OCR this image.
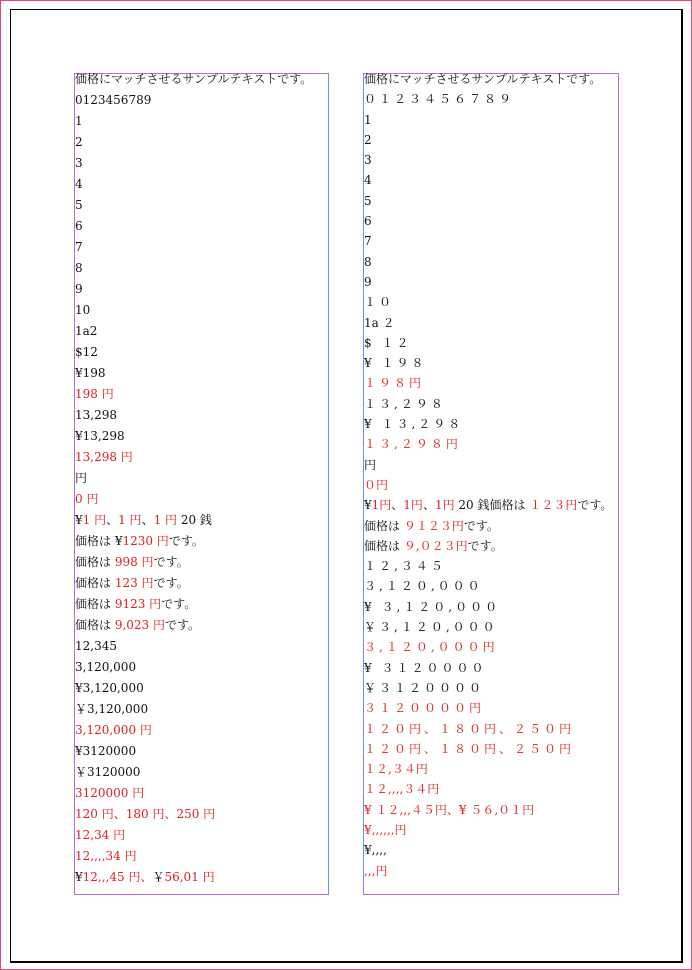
価格にマッチさせるサンプルテキストです。
0123456789
1
2
3
4
5
6
7
8
9
10
1a2
$12
¥198
198 円
13,298
¥13,298
13,298 円
円
0 円
¥1 円、1 円、1 円 20 銭
価格は ¥1230 円です。
価格は 998 円です。
価格は 123 円です。
価格は 9123 円です。
価格は 9,023 円です。
12,345
3,120,000
¥3,120,000
￥3,120,000
3,120,000 円
¥3120000
￥3120000
3120000 円
120 円、180 円、250 円
12,34 円
12,,,,34 円
¥12,,,45 円、￥56,01 円
価格にマッチさせるサンプルテキストです。
０１２３４５６７８９
1
2
3
4
5
6
7
8
9
１０
1a ２
$ １２
¥ １９８
１９８円
１３,２９８
¥ １３,２９８
１３,２９８円
円
０円
¥1円、1円、1円 20 銭価格は １２３円です。
価格は ９１２３円です。
価格は ９,０２３円です。
１２,３４５
３,１２０,０００
¥ ３,１２０,０００
￥３,１２０,０００
３,１２０,０００円
¥ ３１２００００
￥３１２００００
３１２００００円
１２０円、１８０円、２５０円
１２０円、１８０円、２５０円
１２,３４円
１２,,,,３４円
¥ １２,,,４５円、¥ ５６,０１円
¥,,,,,,円
¥,,,,
,,,円
